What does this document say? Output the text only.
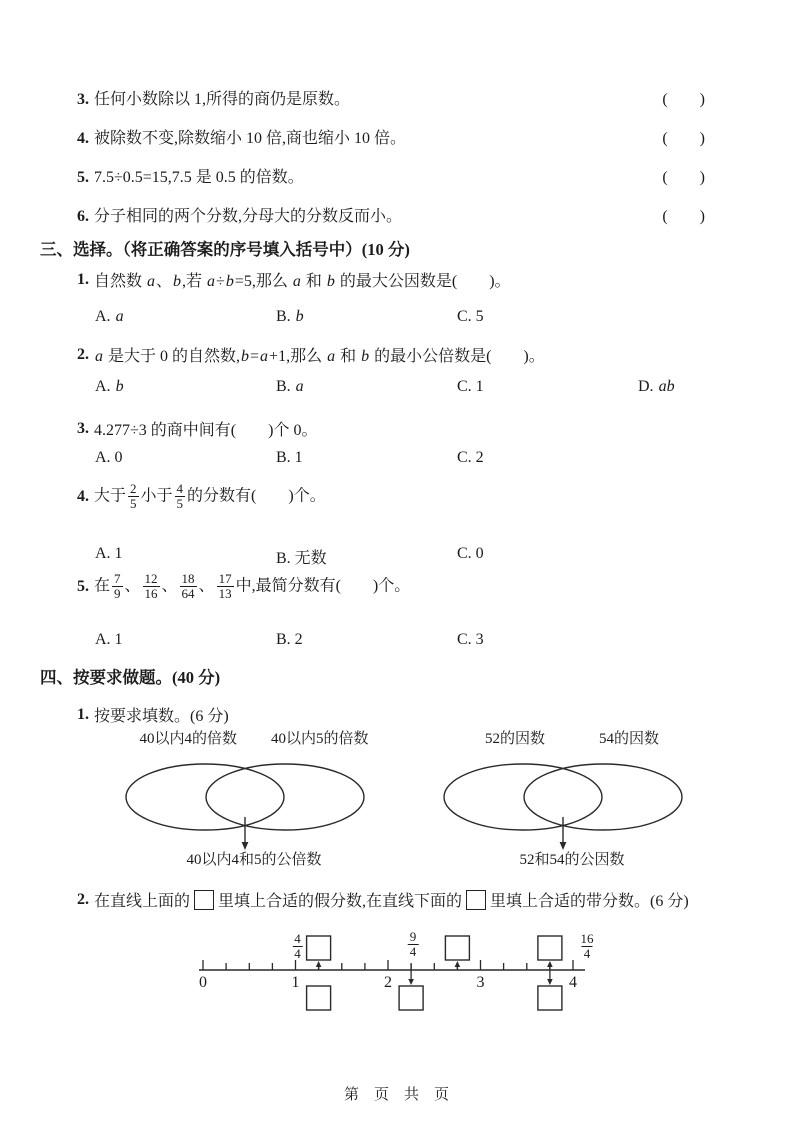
3. 任何小数除以 1,所得的商仍是原数。	(　　)
4. 被除数不变,除数缩小 10 倍,商也缩小 10 倍。	(　　)
5. 7.5÷0.5=15,7.5 是 0.5 的倍数。	(　　)
6. 分子相同的两个分数,分母大的分数反而小。	(　　)
三、选择。（将正确答案的序号填入括号中）(10 分)
1. 自然数 a、b,若 a÷b=5,那么 a 和 b 的最大公因数是(　　)。
A. a	B. b	C. 5
2. a 是大于 0 的自然数,b=a+1,那么 a 和 b 的最小公倍数是(　　)。
A. b	B. a	C. 1	D. ab
3. 4.277÷3 的商中间有(　　)个 0。
A. 0	B. 1	C. 2
4. 大于 $\frac{2}{5}$ 小于 $\frac{4}{5}$ 的分数有(　　)个。
A. 1	B. 无数	C. 0
5. 在 $\frac{7}{9}$ 、 $\frac{12}{16}$ 、 $\frac{18}{64}$ 、 $\frac{17}{13}$ 中,最简分数有(　　)个。
A. 1	B. 2	C. 3
四、按要求做题。(40 分)
1. 按要求填数。(6 分)
40以内4的倍数 40以内5的倍数
40以内4和5的公倍数
52的因数	54的因数
52和54的公因数
2. 在直线上面的 里填上合适的假分数,在直线下面的 里填上合适的带分数。(6 分)
0	1	2	3	4
$\frac{4}{4}$	$\frac{9}{4}$	$\frac{16}{4}$
第　页　共　页
